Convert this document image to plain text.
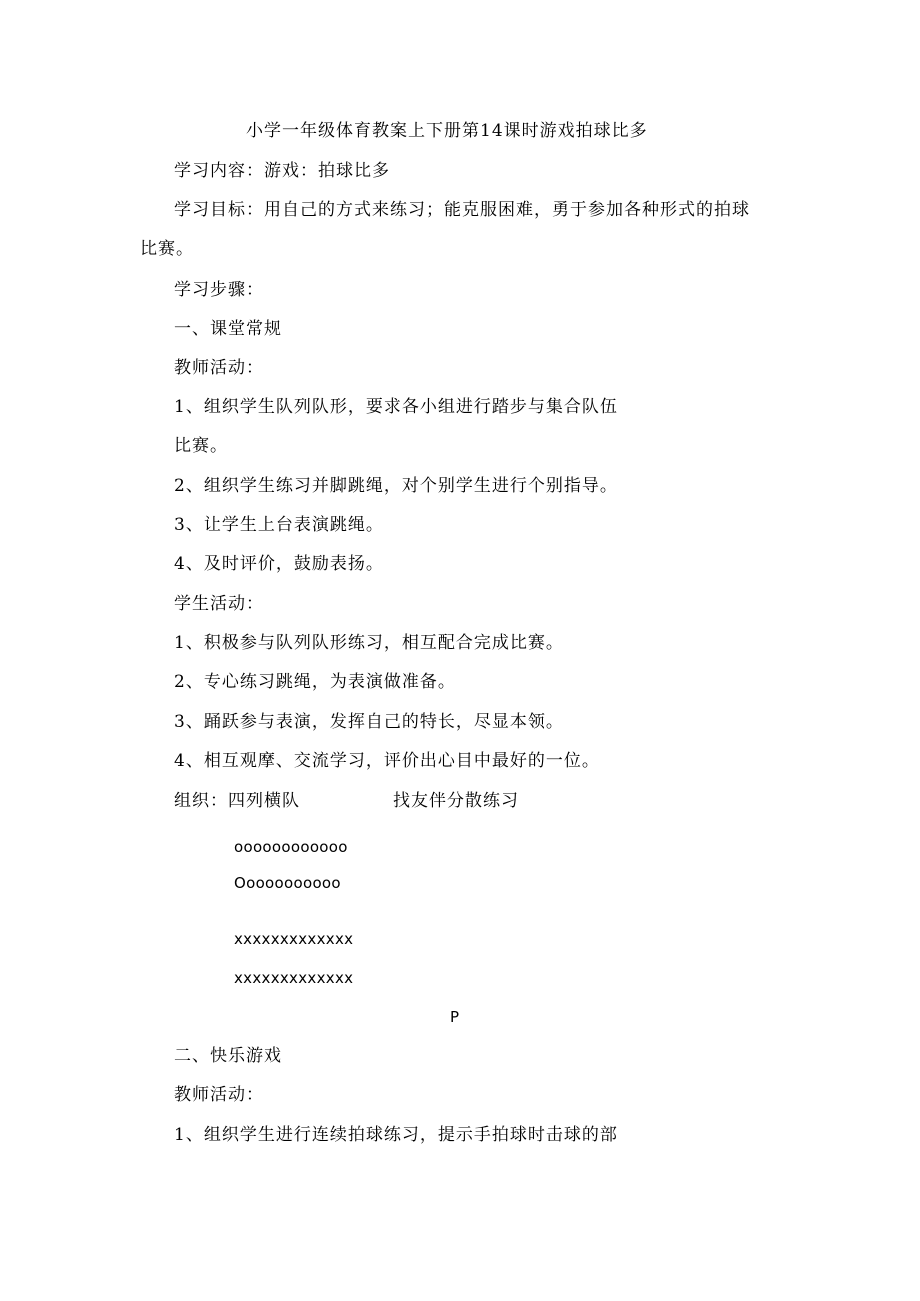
小学一年级体育教案上下册第14课时游戏拍球比多
学习内容：游戏：拍球比多
学习目标：用自己的方式来练习；能克服困难，勇于参加各种形式的拍球
比赛。
学习步骤：
一、课堂常规
教师活动：
1、组织学生队列队形，要求各小组进行踏步与集合队伍
比赛。
2、组织学生练习并脚跳绳，对个别学生进行个别指导。
3、让学生上台表演跳绳。
4、及时评价，鼓励表扬。
学生活动：
1、积极参与队列队形练习，相互配合完成比赛。
2、专心练习跳绳，为表演做准备。
3、踊跃参与表演，发挥自己的特长，尽显本领。
4、相互观摩、交流学习，评价出心目中最好的一位。
组织：四列横队	找友伴分散练习
oooooooooooo
Ooooooooooo
xxxxxxxxxxxxx
xxxxxxxxxxxxx
P
二、快乐游戏
教师活动：
1、组织学生进行连续拍球练习，提示手拍球时击球的部
